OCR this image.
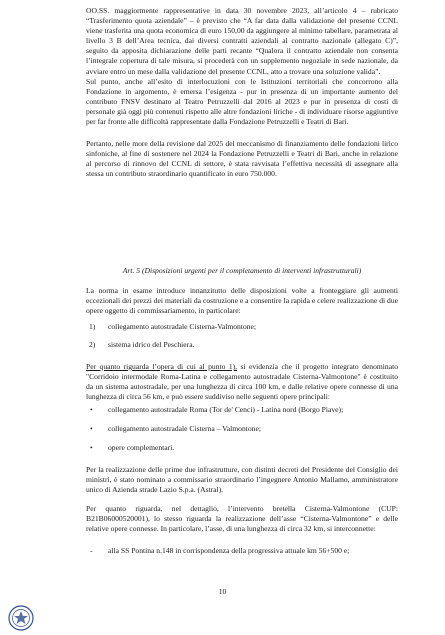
OO.SS. maggiormente rappresentative in data 30 novembre 2023, all’articolo 4 – rubricato “Trasferimento quota aziendale” – è previsto che “A far data dalla validazione del presente CCNL viene trasferita una quota economica di euro 150,00 da aggiungere al minimo tabellare, parametrata al livello 3 B dell’Area tecnica, dai diversi contratti aziendali al contratto nazionale (allegato C)”, seguito da apposita dichiarazione delle parti recante “Qualora il contratto aziendale non consenta l’integrale copertura di tale misura, si procederà con un supplemento negoziale in sede nazionale, da avviare entro un mese dalla validazione del presente CCNL, atto a trovare una soluzione valida”.

Sul punto, anche all’esito di interlocuzioni con le Istituzioni territoriali che concorrono alla Fondazione in argomento, è emersa l’esigenza - pur in presenza di un importante aumento del contributo FNSV destinato al Teatro Petruzzelli dal 2016 al 2023 e pur in presenza di costi di personale già oggi più contenuti rispetto alle altre fondazioni liriche - di individuare risorse aggiuntive per far fronte alle difficoltà rappresentate dalla Fondazione Petruzzelli e Teatri di Bari.

Pertanto, nelle more della revisione dal 2025 del meccanismo di finanziamento delle fondazioni lirico sinfoniche, al fine di sostenere nel 2024 la Fondazione Petruzzelli e Teatri di Bari, anche in relazione al percorso di rinnovo del CCNL di settore, è stata ravvisata l’effettiva necessità di assegnare alla stessa un contributo straordinario quantificato in euro 750.000.

Art. 5 (Disposizioni urgenti per il completamento di interventi infrastrutturali)

La norma in esame introduce innanzitutto delle disposizioni volte a fronteggiare gli aumenti eccezionali dei prezzi dei materiali da costruzione e a consentire la rapida e celere realizzazione di due opere oggetto di commissariamento, in particolare:

1) collegamento autostradale Cisterna-Valmontone;
2) sistema idrico del Peschiera.

Per quanto riguarda l’opera di cui al punto 1), si evidenzia che il progetto integrato denominato "Corridoio intermodale Roma-Latina e collegamento autostradale Cisterna-Valmontone" è costituito da un sistema autostradale, per una lunghezza di circa 100 km, e dalle relative opere connesse di una lunghezza di circa 56 km, e può essere suddiviso nelle seguenti opere principali:

• collegamento autostradale Roma (Tor de' Cenci) - Latina nord (Borgo Piave);
• collegamento autostradale Cisterna – Valmontone;
• opere complementari.

Per la realizzazione delle prime due infrastrutture, con distinti decreti del Presidente del Consiglio dei ministri, è stato nominato a commissario straordinario l’ingegnere Antonio Mallamo, amministratore unico di Azienda strade Lazio S.p.a. (Astral).

Per quanto riguarda, nel dettaglio, l’intervento bretella Cisterna-Valmontone (CUP: B21B06000520001), lo stesso riguarda la realizzazione dell’asse “Cisterna-Valmontone” e delle relative opere connesse. In particolare, l’asse, di una lunghezza di circa 32 km, si interconnette:

- alla SS Pontina n.148 in corrispondenza della progressiva attuale km 56+500 e;
10
